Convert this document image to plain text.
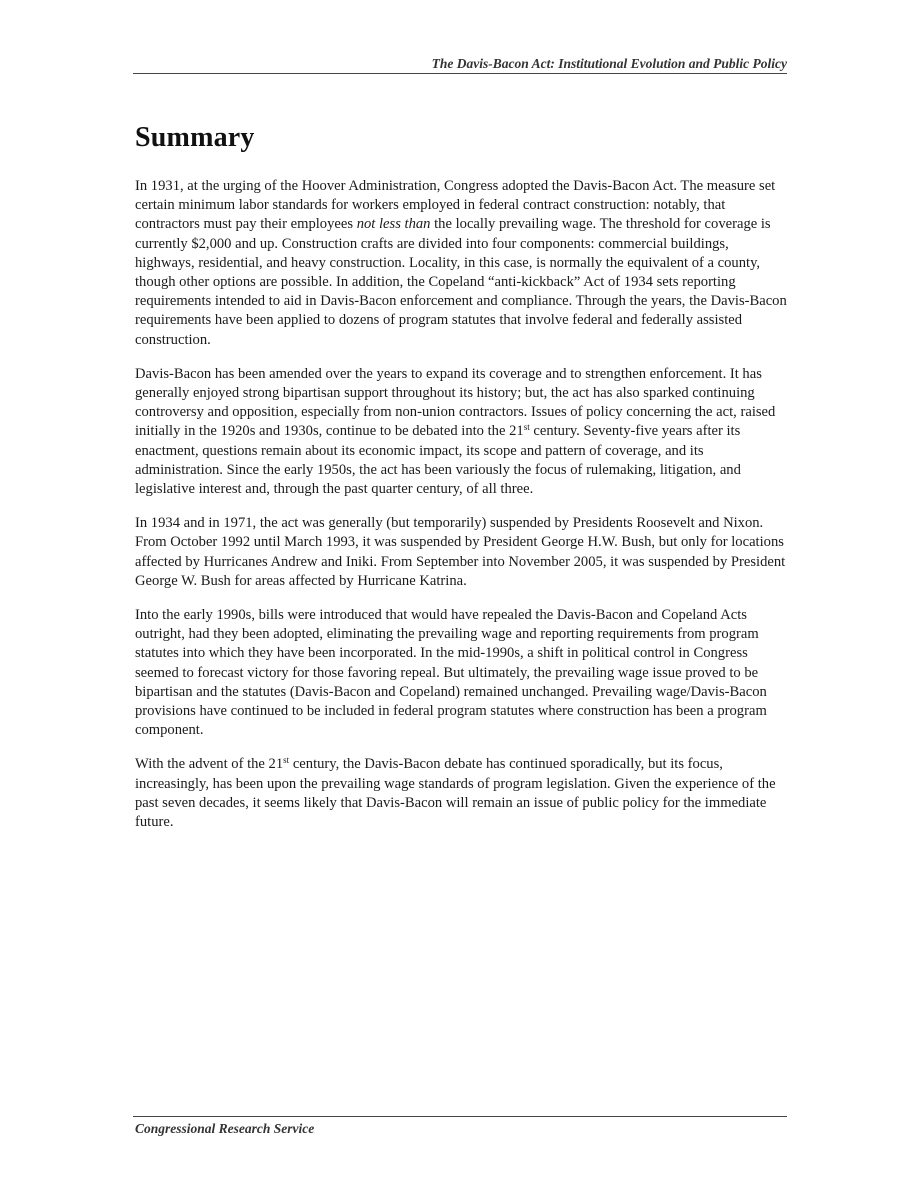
The Davis-Bacon Act: Institutional Evolution and Public Policy
Summary

In 1931, at the urging of the Hoover Administration, Congress adopted the Davis-Bacon Act. The measure set certain minimum labor standards for workers employed in federal contract construction: notably, that contractors must pay their employees not less than the locally prevailing wage. The threshold for coverage is currently $2,000 and up. Construction crafts are divided into four components: commercial buildings, highways, residential, and heavy construction. Locality, in this case, is normally the equivalent of a county, though other options are possible. In addition, the Copeland “anti-kickback” Act of 1934 sets reporting requirements intended to aid in Davis-Bacon enforcement and compliance. Through the years, the Davis-Bacon requirements have been applied to dozens of program statutes that involve federal and federally assisted construction.

Davis-Bacon has been amended over the years to expand its coverage and to strengthen enforcement. It has generally enjoyed strong bipartisan support throughout its history; but, the act has also sparked continuing controversy and opposition, especially from non-union contractors. Issues of policy concerning the act, raised initially in the 1920s and 1930s, continue to be debated into the 21st century. Seventy-five years after its enactment, questions remain about its economic impact, its scope and pattern of coverage, and its administration. Since the early 1950s, the act has been variously the focus of rulemaking, litigation, and legislative interest and, through the past quarter century, of all three.

In 1934 and in 1971, the act was generally (but temporarily) suspended by Presidents Roosevelt and Nixon. From October 1992 until March 1993, it was suspended by President George H.W. Bush, but only for locations affected by Hurricanes Andrew and Iniki. From September into November 2005, it was suspended by President George W. Bush for areas affected by Hurricane Katrina.

Into the early 1990s, bills were introduced that would have repealed the Davis-Bacon and Copeland Acts outright, had they been adopted, eliminating the prevailing wage and reporting requirements from program statutes into which they have been incorporated. In the mid-1990s, a shift in political control in Congress seemed to forecast victory for those favoring repeal. But ultimately, the prevailing wage issue proved to be bipartisan and the statutes (Davis-Bacon and Copeland) remained unchanged. Prevailing wage/Davis-Bacon provisions have continued to be included in federal program statutes where construction has been a program component.

With the advent of the 21st century, the Davis-Bacon debate has continued sporadically, but its focus, increasingly, has been upon the prevailing wage standards of program legislation. Given the experience of the past seven decades, it seems likely that Davis-Bacon will remain an issue of public policy for the immediate future.

Congressional Research Service
